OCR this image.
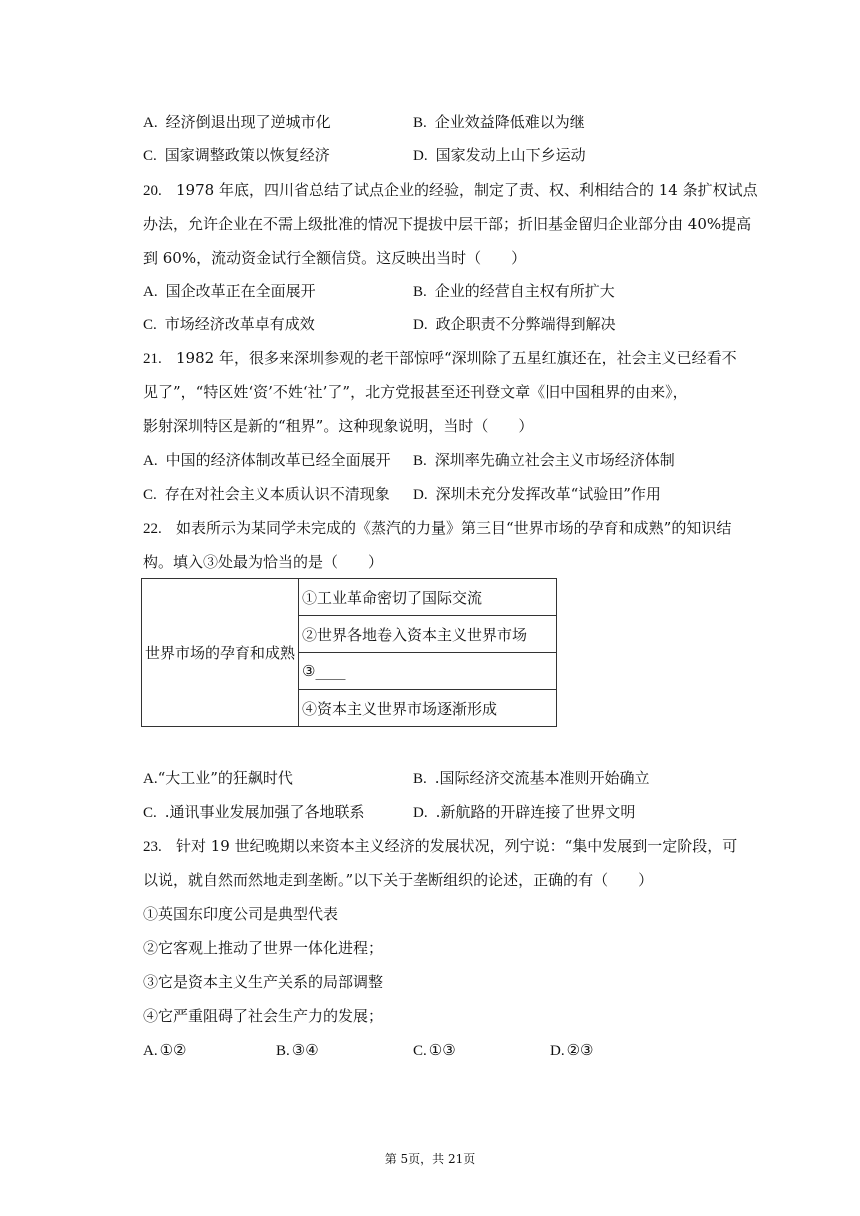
A. 经济倒退出现了逆城市化	B. 企业效益降低难以为继
C. 国家调整政策以恢复经济	D. 国家发动上山下乡运动
20. 1978 年底，四川省总结了试点企业的经验，制定了责、权、利相结合的 14 条扩权试点
办法，允许企业在不需上级批准的情况下提拔中层干部；折旧基金留归企业部分由 40%提高
到 60%，流动资金试行全额信贷。这反映出当时（　　）
A. 国企改革正在全面展开	B. 企业的经营自主权有所扩大
C. 市场经济改革卓有成效	D. 政企职责不分弊端得到解决
21. 1982 年，很多来深圳参观的老干部惊呼“深圳除了五星红旗还在，社会主义已经看不
见了”，“特区姓‘资’不姓‘社’了”，北方党报甚至还刊登文章《旧中国租界的由来》，
影射深圳特区是新的“租界”。这种现象说明，当时（　　）
A. 中国的经济体制改革已经全面展开 B. 深圳率先确立社会主义市场经济体制
C. 存在对社会主义本质认识不清现象 D. 深圳未充分发挥改革“试验田”作用
22. 如表所示为某同学未完成的《蒸汽的力量》第三目“世界市场的孕育和成熟”的知识结
构。填入③处最为恰当的是（　　）
世界市场的孕育和成熟	①工业革命密切了国际交流
②世界各地卷入资本主义世界市场
③____
④资本主义世界市场逐渐形成
A.“大工业”的狂飙时代	B. .国际经济交流基本准则开始确立
C. .通讯事业发展加强了各地联系	D. .新航路的开辟连接了世界文明
23. 针对 19 世纪晚期以来资本主义经济的发展状况，列宁说：“集中发展到一定阶段，可
以说，就自然而然地走到垄断。”以下关于垄断组织的论述，正确的有（　　）
①英国东印度公司是典型代表
②它客观上推动了世界一体化进程；
③它是资本主义生产关系的局部调整
④它严重阻碍了社会生产力的发展；
A. ①②	B. ③④	C. ①③	D. ②③
第 5页，共 21页
